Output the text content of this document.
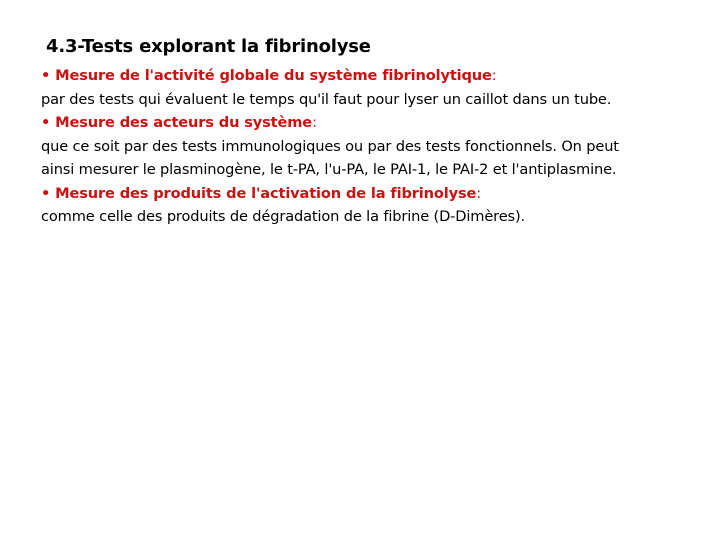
4.3-Tests explorant la fibrinolyse
• Mesure de l'activité globale du système fibrinolytique:
par des tests qui évaluent le temps qu'il faut pour lyser un caillot dans un tube.
• Mesure des acteurs du système:
que ce soit par des tests immunologiques ou par des tests fonctionnels. On peut
ainsi mesurer le plasminogène, le t-PA, l'u-PA, le PAI-1, le PAI-2 et l'antiplasmine.
• Mesure des produits de l'activation de la fibrinolyse:
comme celle des produits de dégradation de la fibrine (D-Dimères).
